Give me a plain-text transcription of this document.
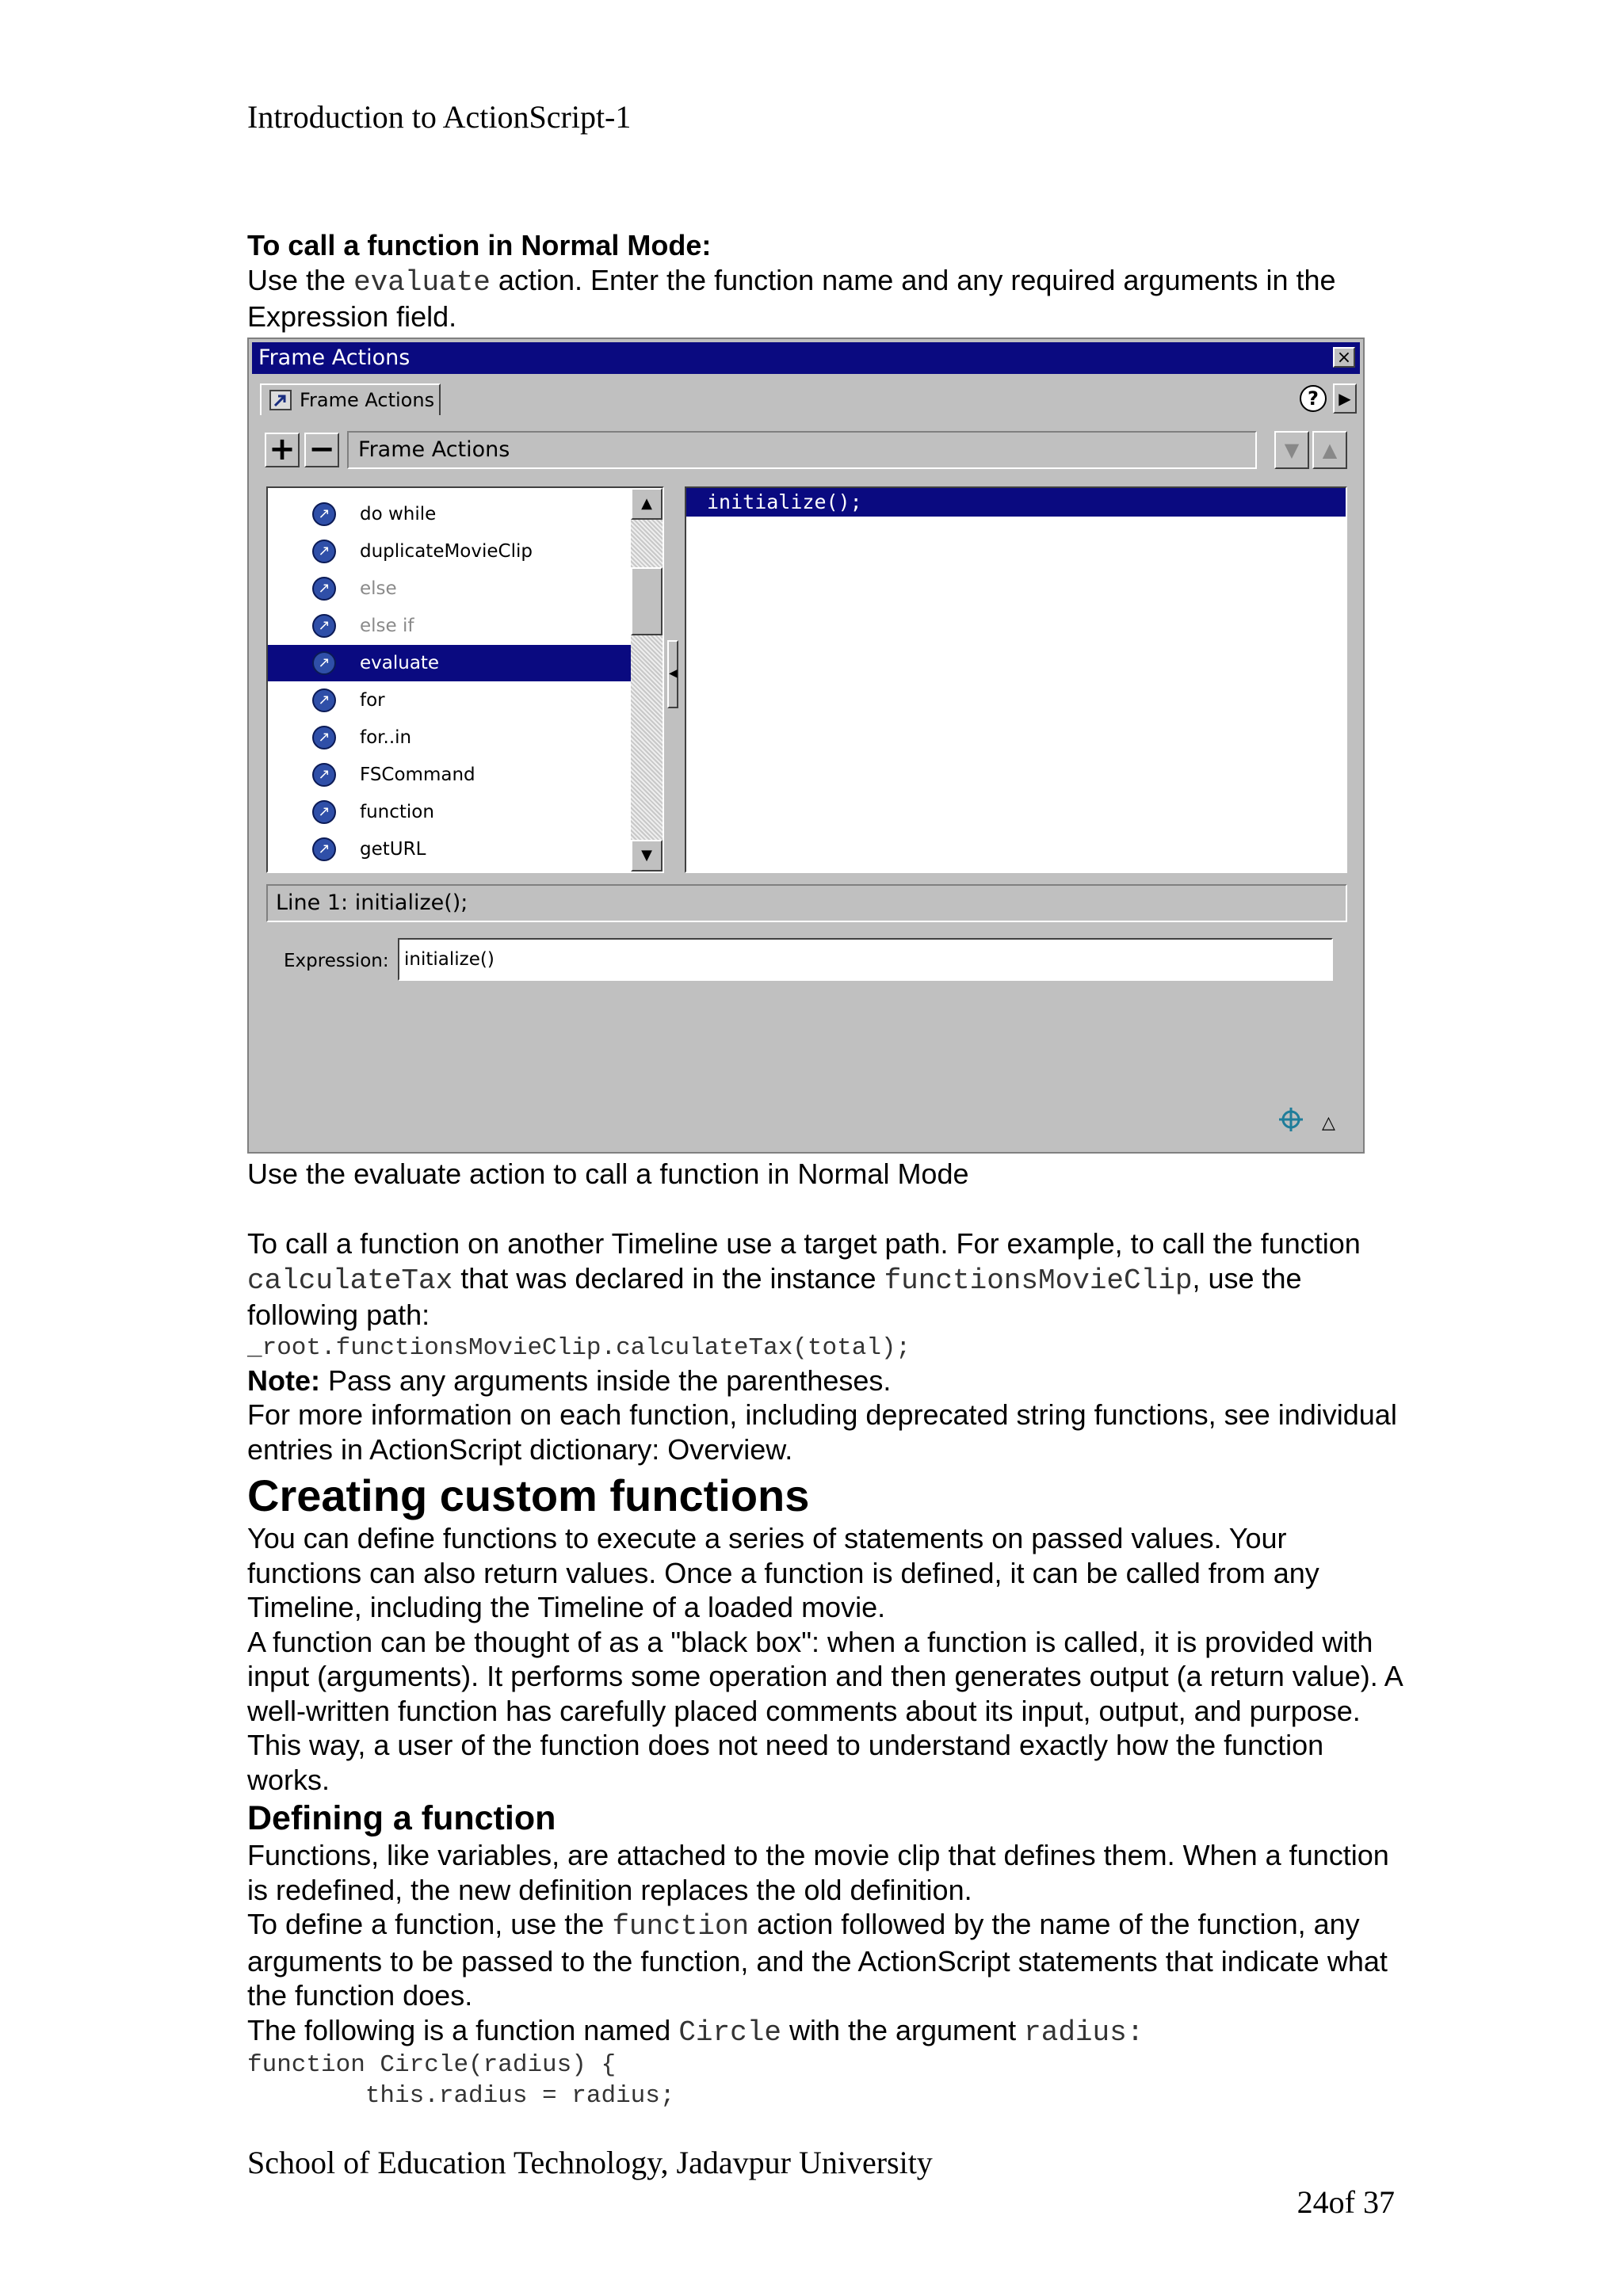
Introduction to ActionScript-1

To call a function in Normal Mode:

Use the evaluate action. Enter the function name and any required arguments in the Expression field.

Frame Actions	×
Frame Actions	?	▶
+ −	Frame Actions	▼	▲
↗	do while
↗	duplicateMovieClip
↗	else
↗	else if
↗	evaluate
↗	for
↗	for..in
↗	FSCommand
↗	function
↗	getURL
▲
▼
◀
initialize();
Line 1: initialize();
Expression:
initialize()
△
Use the evaluate action to call a function in Normal Mode

To call a function on another Timeline use a target path. For example, to call the function calculateTax that was declared in the instance functionsMovieClip, use the following path:

_root.functionsMovieClip.calculateTax(total);

Note: Pass any arguments inside the parentheses.

For more information on each function, including deprecated string functions, see individual entries in ActionScript dictionary: Overview.

Creating custom functions

You can define functions to execute a series of statements on passed values. Your functions can also return values. Once a function is defined, it can be called from any Timeline, including the Timeline of a loaded movie.

A function can be thought of as a "black box": when a function is called, it is provided with input (arguments). It performs some operation and then generates output (a return value). A well-written function has carefully placed comments about its input, output, and purpose. This way, a user of the function does not need to understand exactly how the function works.

Defining a function

Functions, like variables, are attached to the movie clip that defines them. When a function is redefined, the new definition replaces the old definition.

To define a function, use the function action followed by the name of the function, any arguments to be passed to the function, and the ActionScript statements that indicate what the function does.

The following is a function named Circle with the argument radius:

function Circle(radius) {
this.radius = radius;
School of Education Technology, Jadavpur University
24of 37
